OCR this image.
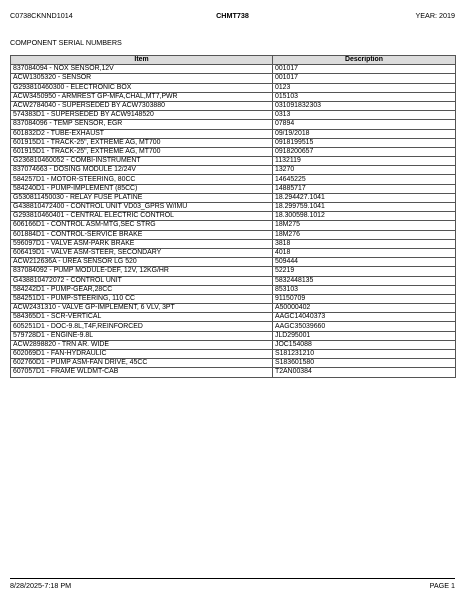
CHMT738
C0738CKNND1014	YEAR: 2019
COMPONENT SERIAL NUMBERS
Item	Description
837084094 - NOX SENSOR,12V	001017
ACW1305320 - SENSOR	001017
G293810460300 - ELECTRONIC BOX	0123
ACW3450950 - ARMREST GP-MFA,CHAL,MT7,PWR	015103
ACW2784040 - SUPERSEDED BY ACW7303880	031091832303
574383D1 - SUPERSEDED BY ACW9148520	0313
837084096 - TEMP SENSOR, EGR	07894
601832D2 - TUBE-EXHAUST	09/19/2018
601915D1 - TRACK-25", EXTREME AG, MT700	0918199515
601915D1 - TRACK-25", EXTREME AG, MT700	0918200657
G236810460052 - COMBI-INSTRUMENT	1132119
837074663 - DOSING MODULE 12/24V	13270
584257D1 - MOTOR-STEERING, 80CC	14645225
584240D1 - PUMP-IMPLEMENT (85CC)	14885717
G530811450030 - RELAY FUSE PLATINE	18.294427.1041
G438810472400 - CONTROL UNIT VD03_GPRS W/IMU	18.299759.1041
G293810460401 - CENTRAL ELECTRIC CONTROL	18.300598.1012
606166D1 - CONTROL ASM-MTG,SEC STRG	18M275
601884D1 - CONTROL-SERVICE BRAKE	18M276
596097D1 - VALVE ASM-PARK BRAKE	3818
606419D1 - VALVE ASM-STEER, SECONDARY	4018
ACW212636A - UREA SENSOR LG 520	509444
837084092 - PUMP MODULE-DEF, 12V, 12KG/HR	52219
G438810472072 - CONTROL UNIT	5832448135
584242D1 - PUMP-GEAR,28CC	853103
584251D1 - PUMP-STEERING, 110 CC	91150709
ACW2431310 - VALVE GP-IMPLEMENT, 6 VLV, 3PT	A50000402
584365D1 - SCR-VERTICAL	AAGC14040373
605251D1 - DOC-9.8L,T4F,REINFORCED	AAGC35039660
579728D1 - ENGINE-9.8L	JLD295001
ACW2898820 - TRN AR. WIDE	JOC154088
602069D1 - FAN-HYDRAULIC	S181231210
602760D1 - PUMP ASM-FAN DRIVE, 45CC	S183601580
607057D1 - FRAME WLDMT-CAB	T2AN00384
8/28/2025-7:18 PM	PAGE 1
